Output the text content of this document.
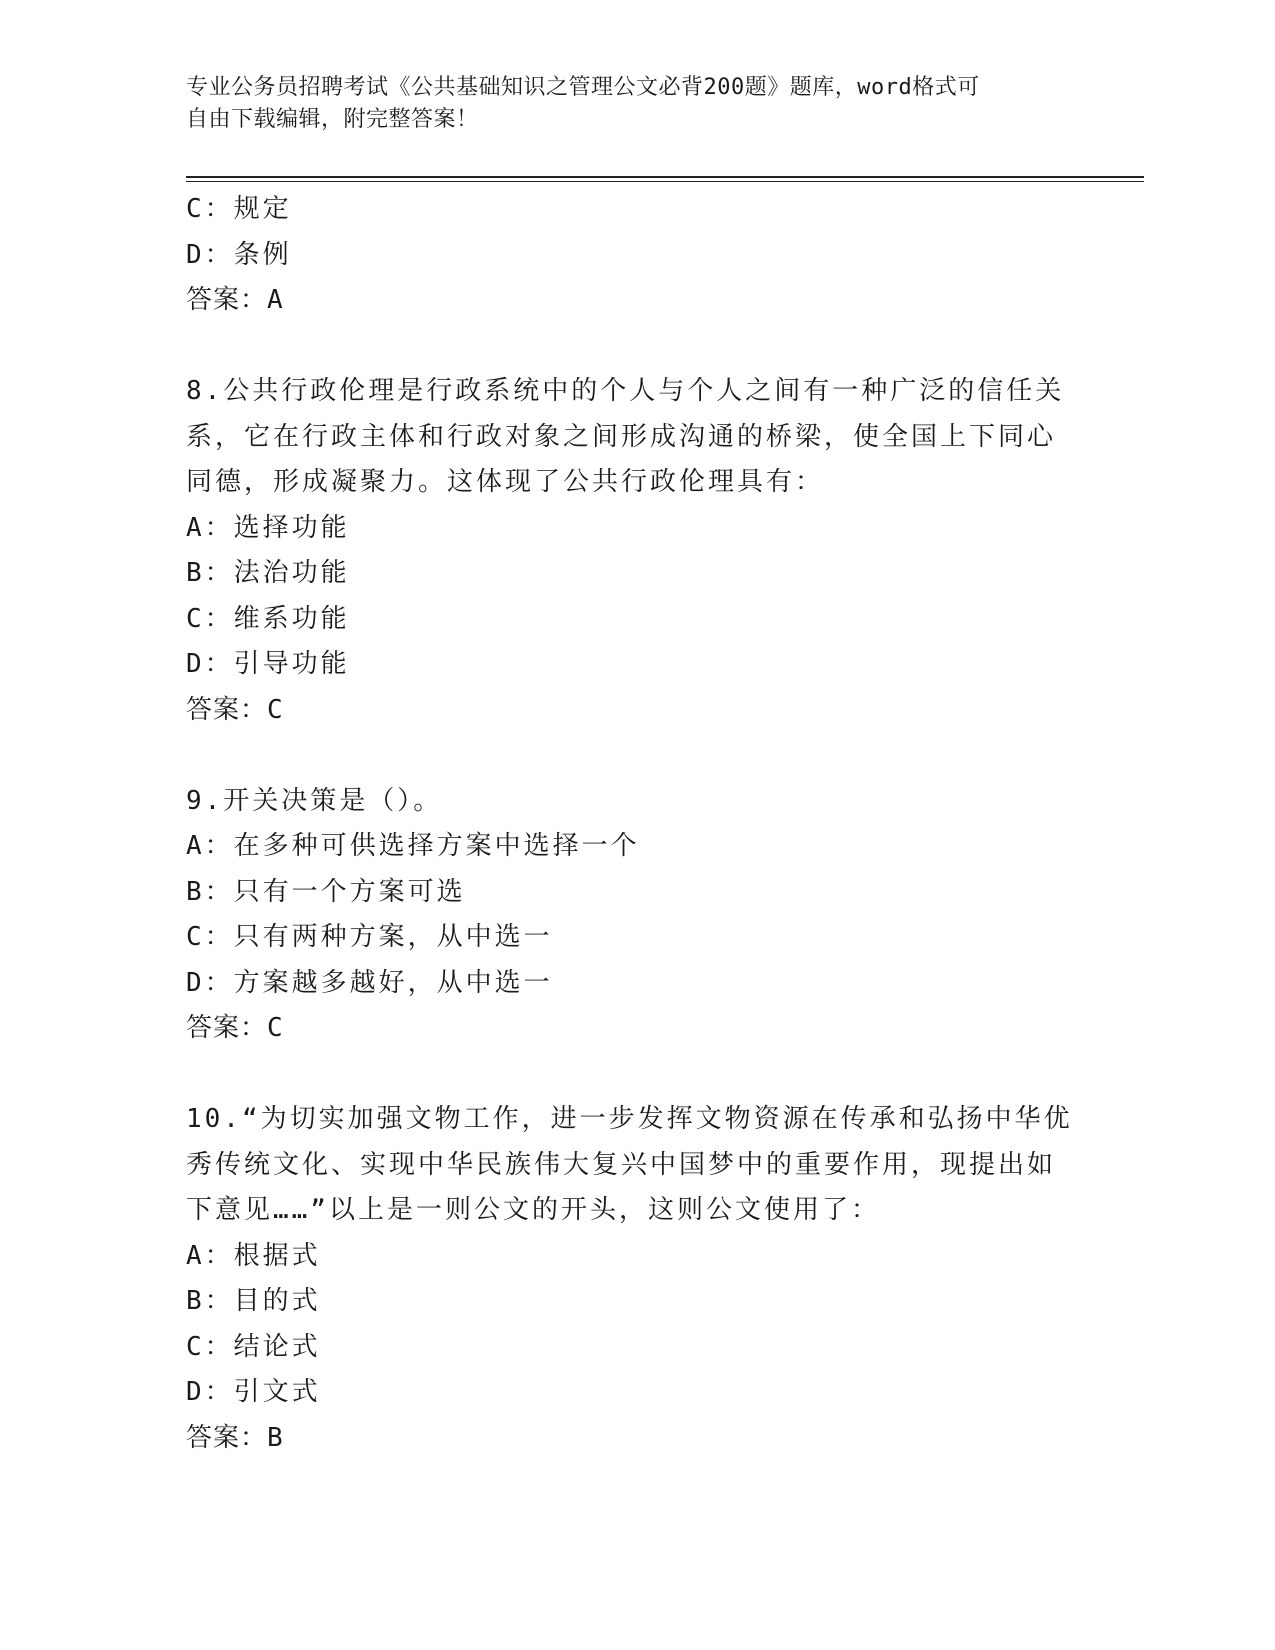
专业公务员招聘考试《公共基础知识之管理公文必背200题》题库，word格式可
自由下载编辑，附完整答案！
C：规定
D：条例
答案：A
8.公共行政伦理是行政系统中的个人与个人之间有一种广泛的信任关
系，它在行政主体和行政对象之间形成沟通的桥梁，使全国上下同心
同德，形成凝聚力。这体现了公共行政伦理具有：
A：选择功能
B：法治功能
C：维系功能
D：引导功能
答案：C
9.开关决策是（）。
A：在多种可供选择方案中选择一个
B：只有一个方案可选
C：只有两种方案，从中选一
D：方案越多越好，从中选一
答案：C
10.“为切实加强文物工作，进一步发挥文物资源在传承和弘扬中华优
秀传统文化、实现中华民族伟大复兴中国梦中的重要作用，现提出如
下意见……”以上是一则公文的开头，这则公文使用了：
A：根据式
B：目的式
C：结论式
D：引文式
答案：B
